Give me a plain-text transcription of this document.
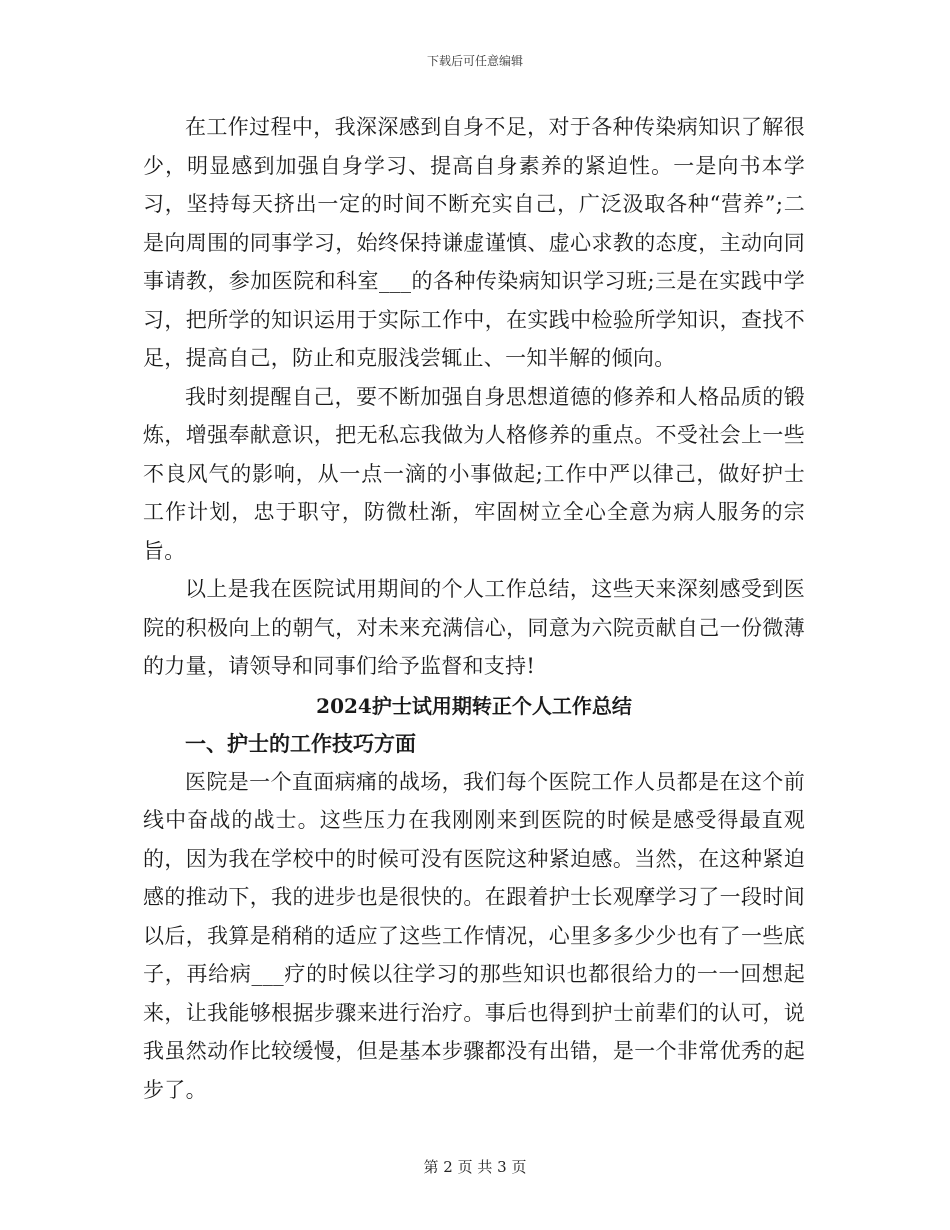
下载后可任意编辑

在工作过程中，我深深感到自身不足，对于各种传染病知识了解很少，明显感到加强自身学习、提高自身素养的紧迫性。一是向书本学习，坚持每天挤出一定的时间不断充实自己，广泛汲取各种“营养”;二是向周围的同事学习，始终保持谦虚谨慎、虚心求教的态度，主动向同事请教，参加医院和科室___的各种传染病知识学习班;三是在实践中学习，把所学的知识运用于实际工作中，在实践中检验所学知识，查找不足，提高自己，防止和克服浅尝辄止、一知半解的倾向。

我时刻提醒自己，要不断加强自身思想道德的修养和人格品质的锻炼，增强奉献意识，把无私忘我做为人格修养的重点。不受社会上一些不良风气的影响，从一点一滴的小事做起;工作中严以律己，做好护士工作计划，忠于职守，防微杜渐，牢固树立全心全意为病人服务的宗旨。

以上是我在医院试用期间的个人工作总结，这些天来深刻感受到医院的积极向上的朝气，对未来充满信心，同意为六院贡献自己一份微薄的力量，请领导和同事们给予监督和支持!

2024护士试用期转正个人工作总结
一、护士的工作技巧方面

医院是一个直面病痛的战场，我们每个医院工作人员都是在这个前线中奋战的战士。这些压力在我刚刚来到医院的时候是感受得最直观的，因为我在学校中的时候可没有医院这种紧迫感。当然，在这种紧迫感的推动下，我的进步也是很快的。在跟着护士长观摩学习了一段时间以后，我算是稍稍的适应了这些工作情况，心里多多少少也有了一些底子，再给病___疗的时候以往学习的那些知识也都很给力的一一回想起来，让我能够根据步骤来进行治疗。事后也得到护士前辈们的认可，说我虽然动作比较缓慢，但是基本步骤都没有出错，是一个非常优秀的起步了。

第 2 页 共 3 页
